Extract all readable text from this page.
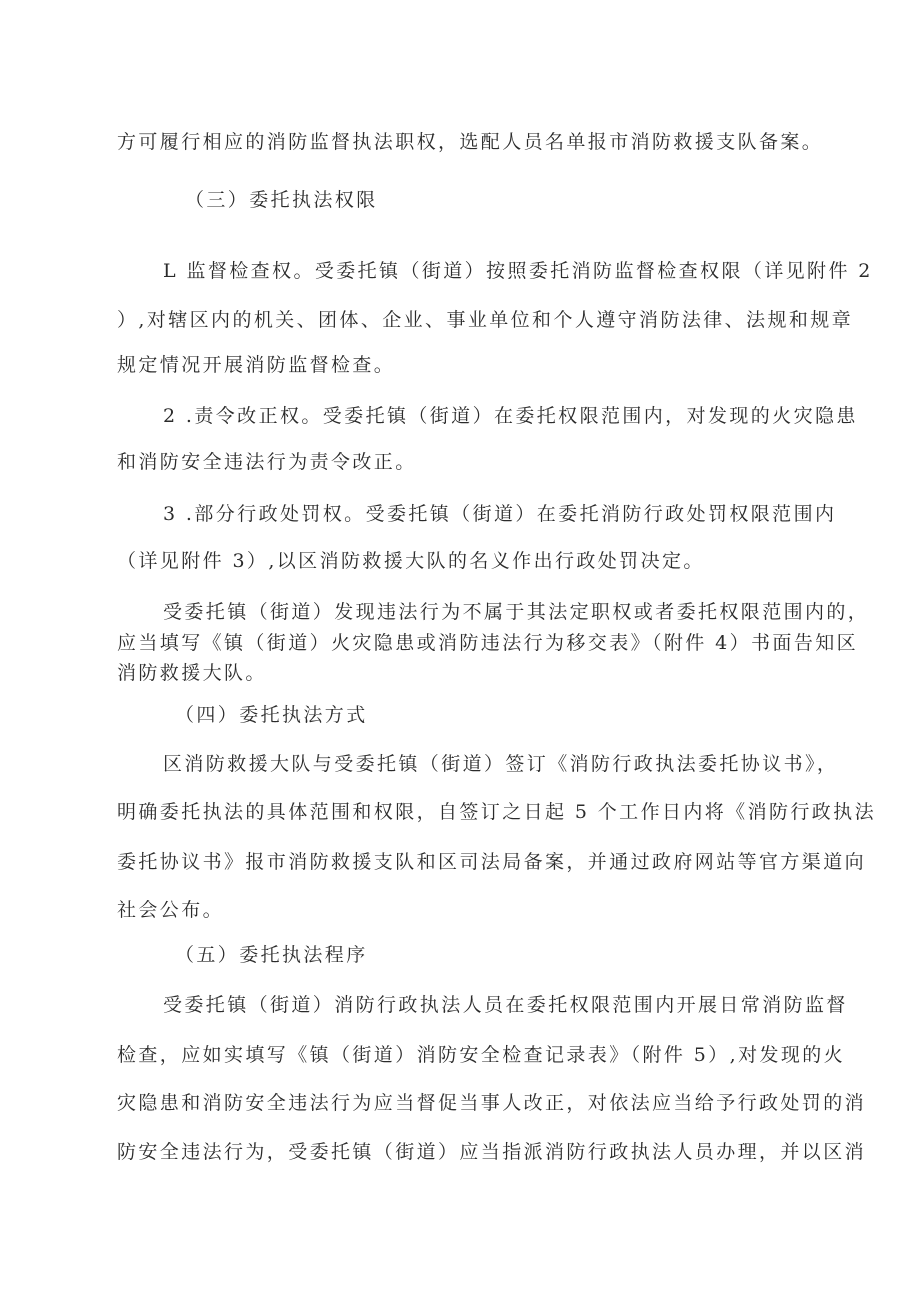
方可履行相应的消防监督执法职权，选配人员名单报市消防救援支队备案。
（三）委托执法权限
L 监督检查权。受委托镇（街道）按照委托消防监督检查权限（详见附件 2
）,对辖区内的机关、团体、企业、事业单位和个人遵守消防法律、法规和规章
规定情况开展消防监督检查。
2 .责令改正权。受委托镇（街道）在委托权限范围内，对发现的火灾隐患
和消防安全违法行为责令改正。
3 .部分行政处罚权。受委托镇（街道）在委托消防行政处罚权限范围内
（详见附件 3）,以区消防救援大队的名义作出行政处罚决定。
受委托镇（街道）发现违法行为不属于其法定职权或者委托权限范围内的，
应当填写《镇（街道）火灾隐患或消防违法行为移交表》（附件 4）书面告知区
消防救援大队。
（四）委托执法方式
区消防救援大队与受委托镇（街道）签订《消防行政执法委托协议书》，
明确委托执法的具体范围和权限，自签订之日起 5 个工作日内将《消防行政执法
委托协议书》报市消防救援支队和区司法局备案，并通过政府网站等官方渠道向
社会公布。
（五）委托执法程序
受委托镇（街道）消防行政执法人员在委托权限范围内开展日常消防监督
检查，应如实填写《镇（街道）消防安全检查记录表》（附件 5）,对发现的火
灾隐患和消防安全违法行为应当督促当事人改正，对依法应当给予行政处罚的消
防安全违法行为，受委托镇（街道）应当指派消防行政执法人员办理，并以区消
